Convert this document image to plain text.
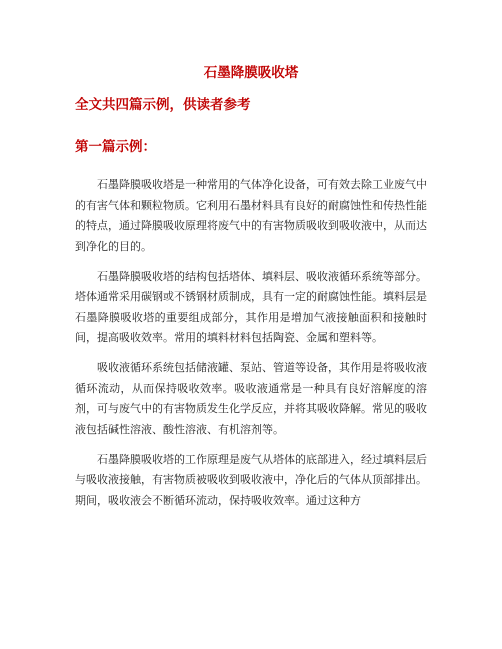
石墨降膜吸收塔
全文共四篇示例，供读者参考
第一篇示例：

石墨降膜吸收塔是一种常用的气体净化设备，可有效去除工业废气中的有害气体和颗粒物质。它利用石墨材料具有良好的耐腐蚀性和传热性能的特点，通过降膜吸收原理将废气中的有害物质吸收到吸收液中，从而达到净化的目的。

石墨降膜吸收塔的结构包括塔体、填料层、吸收液循环系统等部分。塔体通常采用碳钢或不锈钢材质制成，具有一定的耐腐蚀性能。填料层是石墨降膜吸收塔的重要组成部分，其作用是增加气液接触面积和接触时间，提高吸收效率。常用的填料材料包括陶瓷、金属和塑料等。

吸收液循环系统包括储液罐、泵站、管道等设备，其作用是将吸收液循环流动，从而保持吸收效率。吸收液通常是一种具有良好溶解度的溶剂，可与废气中的有害物质发生化学反应，并将其吸收降解。常见的吸收液包括碱性溶液、酸性溶液、有机溶剂等。

石墨降膜吸收塔的工作原理是废气从塔体的底部进入，经过填料层后与吸收液接触，有害物质被吸收到吸收液中，净化后的气体从顶部排出。期间，吸收液会不断循环流动，保持吸收效率。通过这种方
